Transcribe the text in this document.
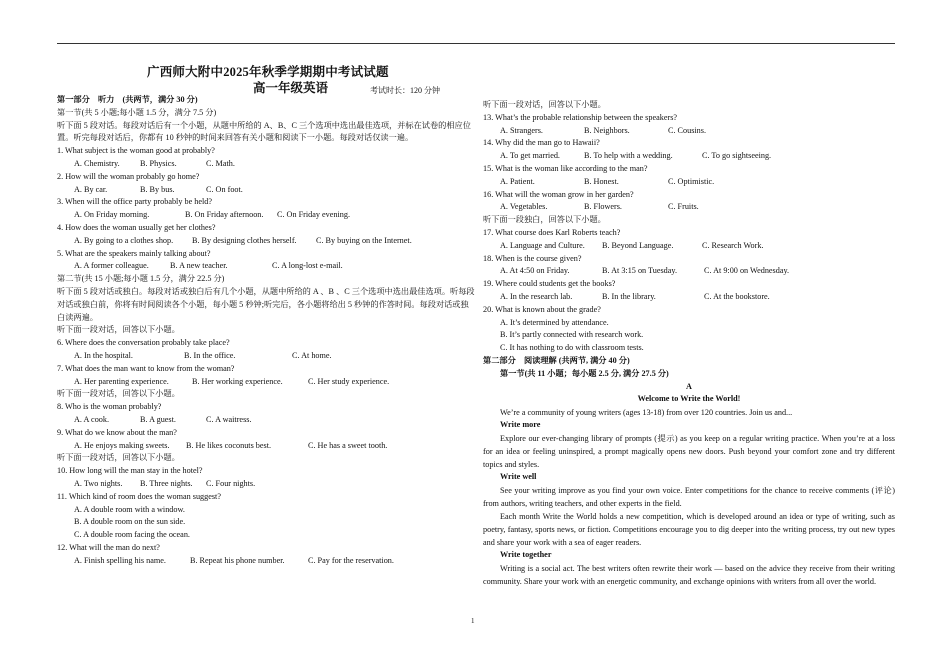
广西师大附中2025年秋季学期期中考试试题
高一年级英语	考试时长：120 分钟
第一部分　听力　(共两节，满分 30 分)
第一节(共 5 小题;每小题 1.5 分，满分 7.5 分)
听下面 5 段对话。每段对话后有一个小题，从题中所给的 A、B、C 三个选项中选出最佳选项，并标在试卷的相应位置。听完每段对话后，你都有 10 秒钟的时间来回答有关小题和阅读下一小题。每段对话仅读一遍。
1. What subject is the woman good at probably?
A. Chemistry.	B. Physics.	C. Math.
2. How will the woman probably go home?
A. By car.	B. By bus.	C. On foot.
3. When will the office party probably be held?
A. On Friday morning.	B. On Friday afternoon.	C. On Friday evening.
4. How does the woman usually get her clothes?
A. By going to a clothes shop.	B. By designing clothes herself.	C. By buying on the Internet.
5. What are the speakers mainly talking about?
A. A former colleague.	B. A new teacher.	C. A long-lost e-mail.
第二节(共 15 小题;每小题 1.5 分，满分 22.5 分)
听下面 5 段对话或独白。每段对话或独白后有几个小题，从题中所给的 A 、B 、C 三个选项中选出最佳选项。听每段对话或独白前，你将有时间阅读各个小题，每小题 5 秒钟;听完后，各小题将给出 5 秒钟的作答时间。每段对话或独白读两遍。
听下面一段对话，回答以下小题。
6. Where does the conversation probably take place?
A. In the hospital.	B. In the office.	C. At home.
7. What does the man want to know from the woman?
A. Her parenting experience.	B. Her working experience.	C. Her study experience.
听下面一段对话，回答以下小题。
8. Who is the woman probably?
A. A cook.	B. A guest.	C. A waitress.
9. What do we know about the man?
A. He enjoys making sweets.	B. He likes coconuts best.	C. He has a sweet tooth.
听下面一段对话，回答以下小题。
10. How long will the man stay in the hotel?
A. Two nights.	B. Three nights.	C. Four nights.
11. Which kind of room does the woman suggest?
A. A double room with a window.
B. A double room on the sun side.
C. A double room facing the ocean.
12. What will the man do next?
A. Finish spelling his name.	B. Repeat his phone number.	C. Pay for the reservation.
听下面一段对话，回答以下小题。
13. What’s the probable relationship between the speakers?
A. Strangers.	B. Neighbors.	C. Cousins.
14. Why did the man go to Hawaii?
A. To get married.	B. To help with a wedding.	C. To go sightseeing.
15. What is the woman like according to the man?
A. Patient.	B. Honest.	C. Optimistic.
16. What will the woman grow in her garden?
A. Vegetables.	B. Flowers.	C. Fruits.
听下面一段独白，回答以下小题。
17. What course does Karl Roberts teach?
A. Language and Culture.	B. Beyond Language.	C. Research Work.
18. When is the course given?
A. At 4:50 on Friday.	B. At 3:15 on Tuesday.	C. At 9:00 on Wednesday.
19. Where could students get the books?
A. In the research lab.	B. In the library.	C. At the bookstore.
20. What is known about the grade?
A. It’s determined by attendance.
B. It’s partly connected with research work.
C. It has nothing to do with classroom tests.
第二部分　阅读理解 (共两节, 满分 40 分)
第一节(共 11 小题；每小题 2.5 分, 满分 27.5 分)
A
Welcome to Write the World!
We’re a community of young writers (ages 13-18) from over 120 countries. Join us and...
Write more
Explore our ever-changing library of prompts (提示) as you keep on a regular writing practice. When you’re at a loss for an idea or feeling uninspired, a prompt magically opens new doors. Push beyond your comfort zone and try different topics and styles.
Write well
See your writing improve as you find your own voice. Enter competitions for the chance to receive comments (评论) from authors, writing teachers, and other experts in the field.
Each month Write the World holds a new competition, which is developed around an idea or type of writing, such as poetry, fantasy, sports news, or fiction. Competitions encourage you to dig deeper into the writing process, try out new types and share your work with a sea of eager readers.
Write together
Writing is a social act. The best writers often rewrite their work — based on the advice they receive from their writing community. Share your work with an energetic community, and exchange opinions with writers from all over the world.
1
